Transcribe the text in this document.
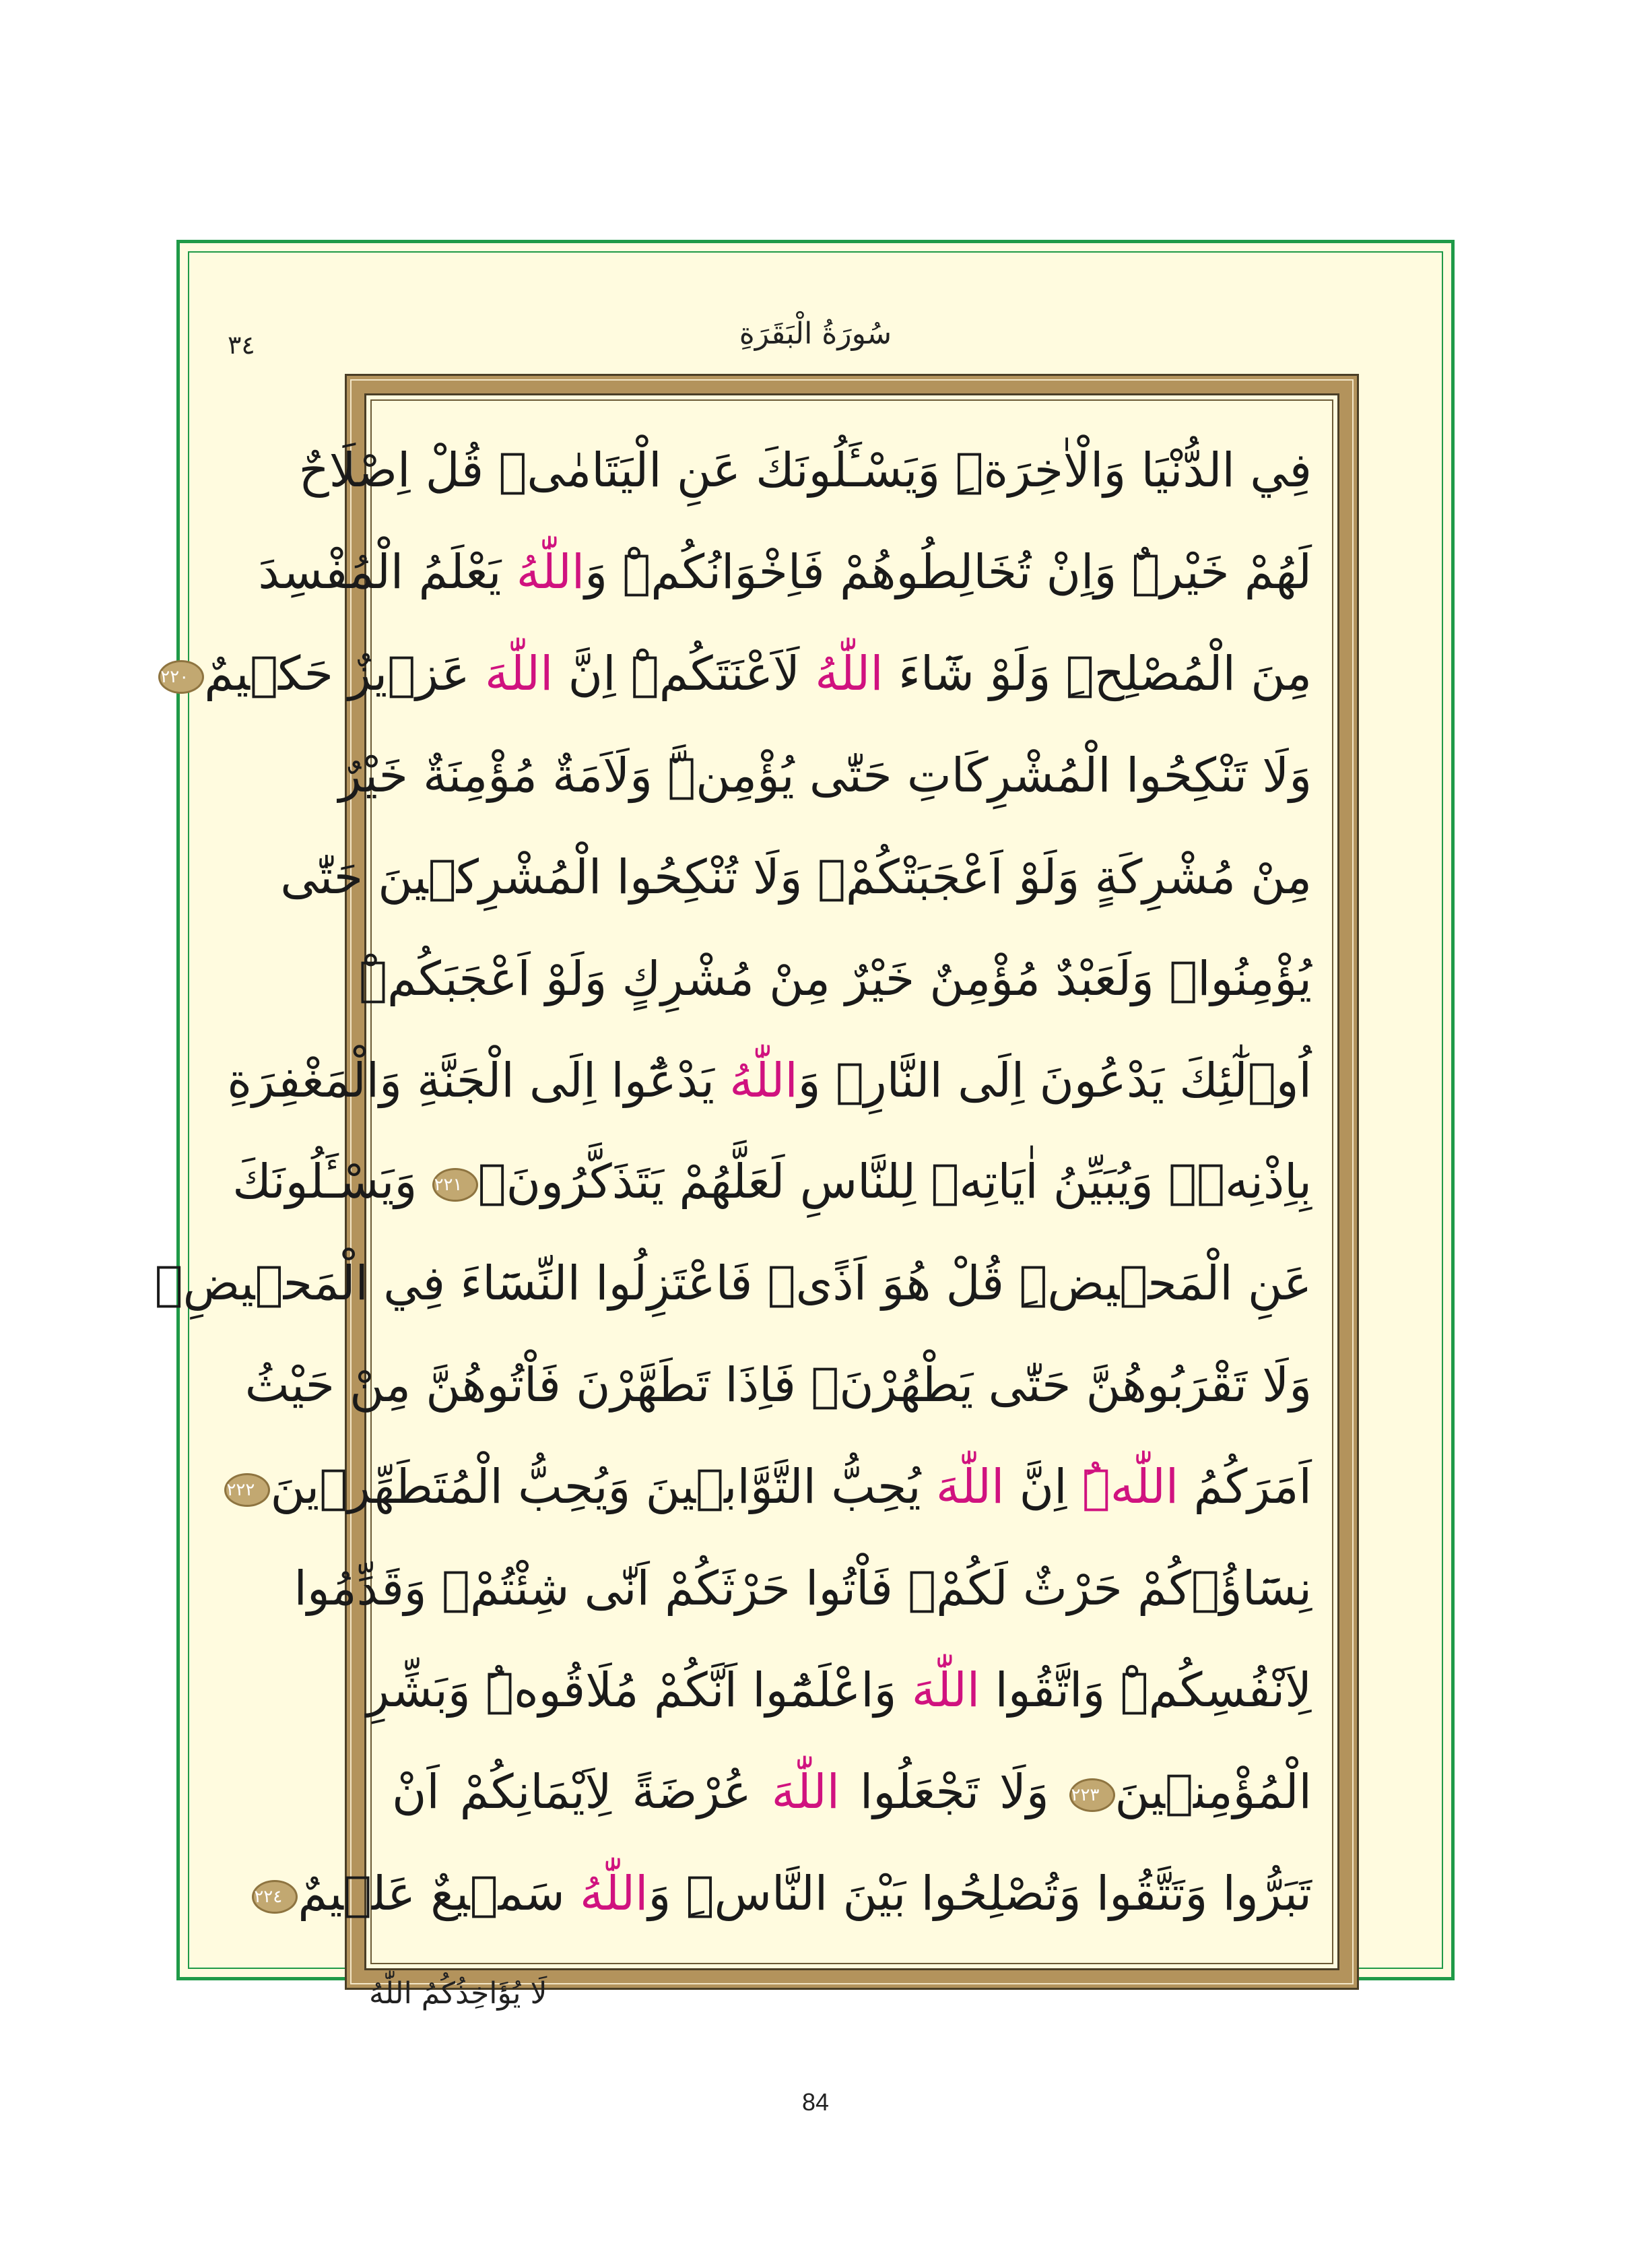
سُورَةُ الْبَقَرَةِ
٣٤
فِي الدُّنْيَا وَالْاٰخِرَةِۜ وَيَسْـَٔلُونَكَ عَنِ الْيَتَامٰىۜ قُلْ اِصْلَاحٌ
لَهُمْ خَيْرٌۜ وَاِنْ تُخَالِطُوهُمْ فَاِخْوَانُكُمْۜ وَاللّٰهُ يَعْلَمُ الْمُفْسِدَ
مِنَ الْمُصْلِحِۜ وَلَوْ شَٓاءَ اللّٰهُ لَاَعْنَتَكُمْۜ اِنَّ اللّٰهَ عَز۪يزٌ حَك۪يمٌ٢٢٠
وَلَا تَنْكِحُوا الْمُشْرِكَاتِ حَتّٰى يُؤْمِنَّۜ وَلَاَمَةٌ مُؤْمِنَةٌ خَيْرٌ
مِنْ مُشْرِكَةٍ وَلَوْ اَعْجَبَتْكُمْۚ وَلَا تُنْكِحُوا الْمُشْرِك۪ينَ حَتّٰى
يُؤْمِنُواۜ وَلَعَبْدٌ مُؤْمِنٌ خَيْرٌ مِنْ مُشْرِكٍ وَلَوْ اَعْجَبَكُمْۜ
اُو۬لٰٓئِكَ يَدْعُونَ اِلَى النَّارِۚ وَاللّٰهُ يَدْعُٓوا اِلَى الْجَنَّةِ وَالْمَغْفِرَةِ
بِاِذْنِه۪ۚ وَيُبَيِّنُ اٰيَاتِه۪ لِلنَّاسِ لَعَلَّهُمْ يَتَذَكَّرُونَ۟٢٢١ وَيَسْـَٔلُونَكَ
عَنِ الْمَح۪يضِۜ قُلْ هُوَ اَذًىۙ فَاعْتَزِلُوا النِّسَٓاءَ فِي الْمَح۪يضِۙ
وَلَا تَقْرَبُوهُنَّ حَتّٰى يَطْهُرْنَۚ فَاِذَا تَطَهَّرْنَ فَاْتُوهُنَّ مِنْ حَيْثُ
اَمَرَكُمُ اللّٰهُۜ اِنَّ اللّٰهَ يُحِبُّ التَّوَّاب۪ينَ وَيُحِبُّ الْمُتَطَهِّر۪ينَ٢٢٢
نِسَٓاؤُ۬كُمْ حَرْثٌ لَكُمْۖ فَاْتُوا حَرْثَكُمْ اَنّٰى شِئْتُمْۘ وَقَدِّمُوا
لِاَنْفُسِكُمْۜ وَاتَّقُوا اللّٰهَ وَاعْلَمُٓوا اَنَّكُمْ مُلَاقُوهُۜ وَبَشِّرِ
الْمُؤْمِن۪ينَ٢٢٣ وَلَا تَجْعَلُوا اللّٰهَ عُرْضَةً لِاَيْمَانِكُمْ اَنْ
تَبَرُّوا وَتَتَّقُوا وَتُصْلِحُوا بَيْنَ النَّاسِۜ وَاللّٰهُ سَم۪يعٌ عَل۪يمٌ٢٢٤
لَا يُؤَاخِذُكُمُ اللّٰهُ
84
